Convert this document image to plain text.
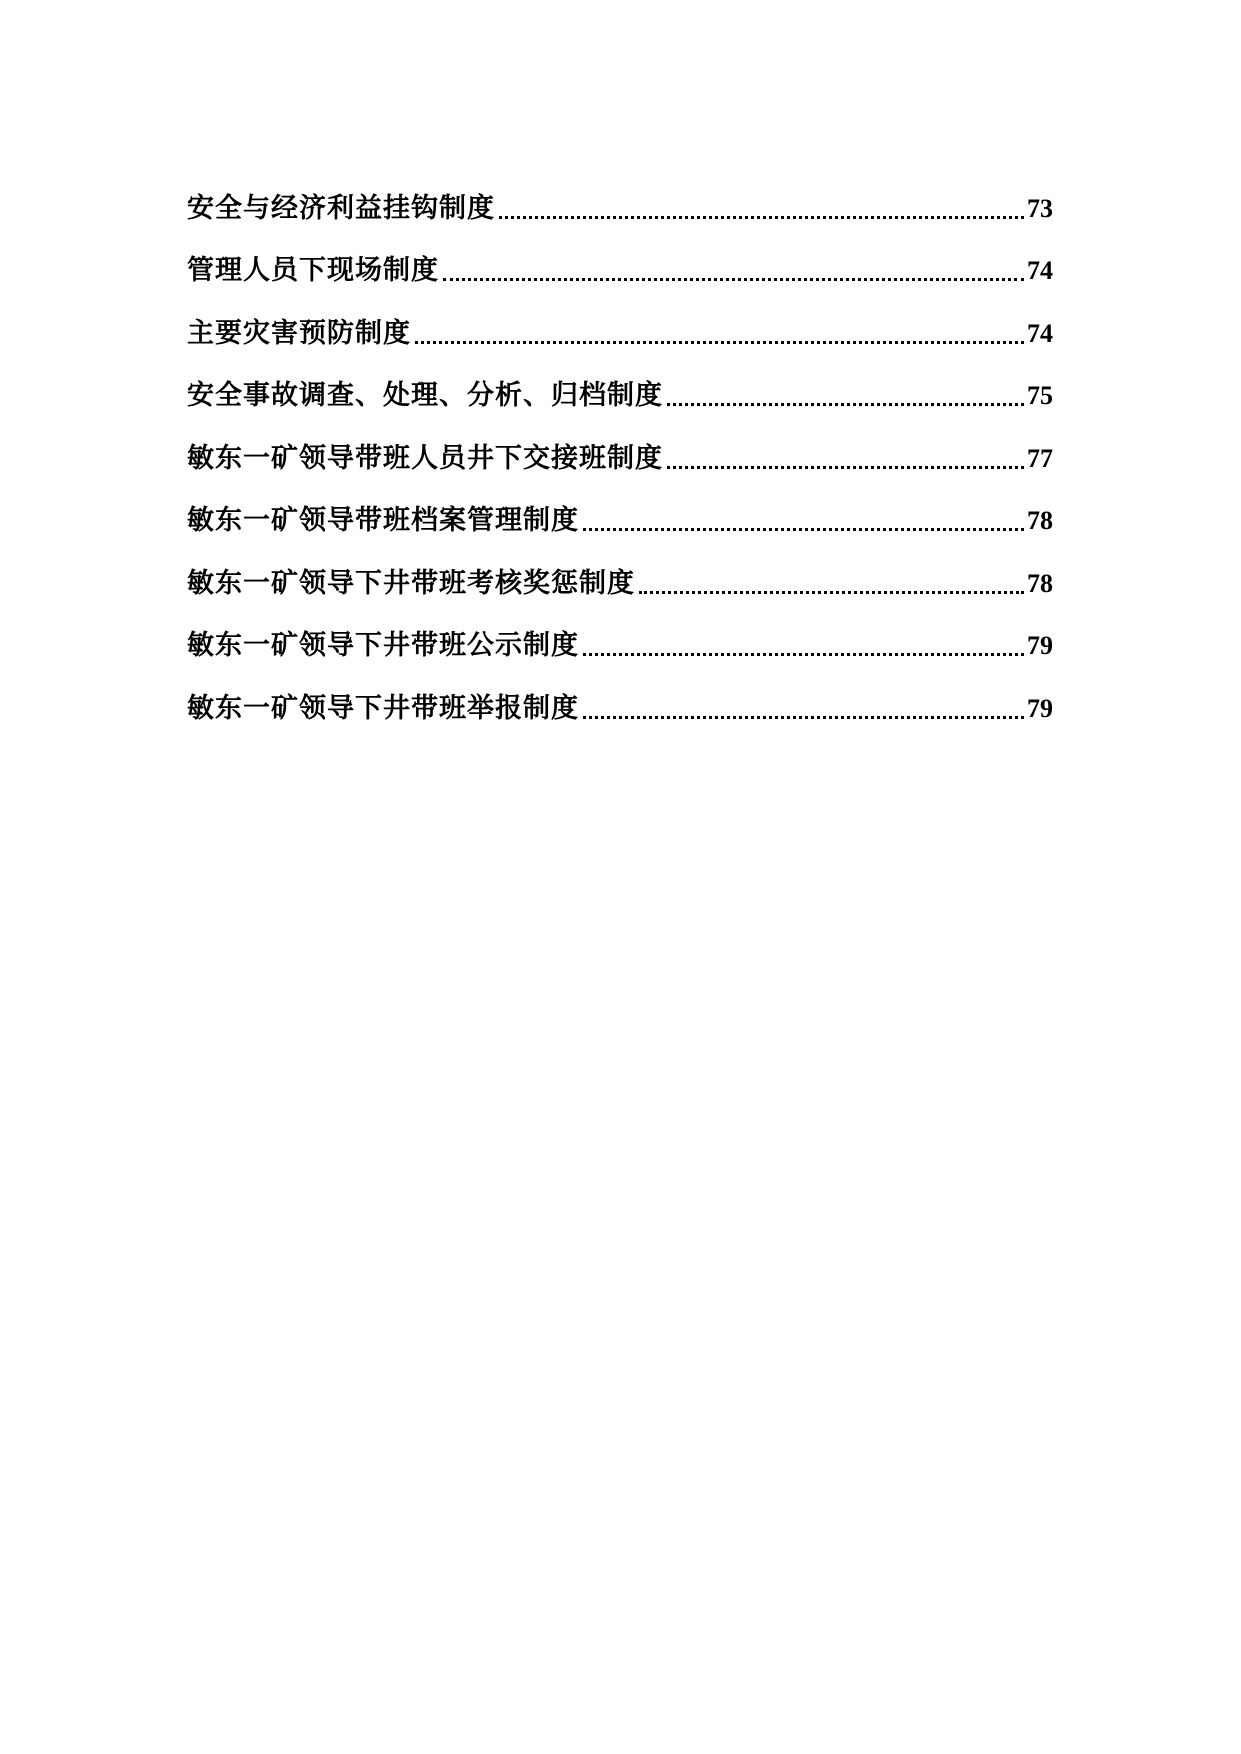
安全与经济利益挂钩制度	73
管理人员下现场制度	74
主要灾害预防制度	74
安全事故调查、处理、分析、归档制度	75
敏东一矿领导带班人员井下交接班制度	77
敏东一矿领导带班档案管理制度	78
敏东一矿领导下井带班考核奖惩制度	78
敏东一矿领导下井带班公示制度	79
敏东一矿领导下井带班举报制度	79
